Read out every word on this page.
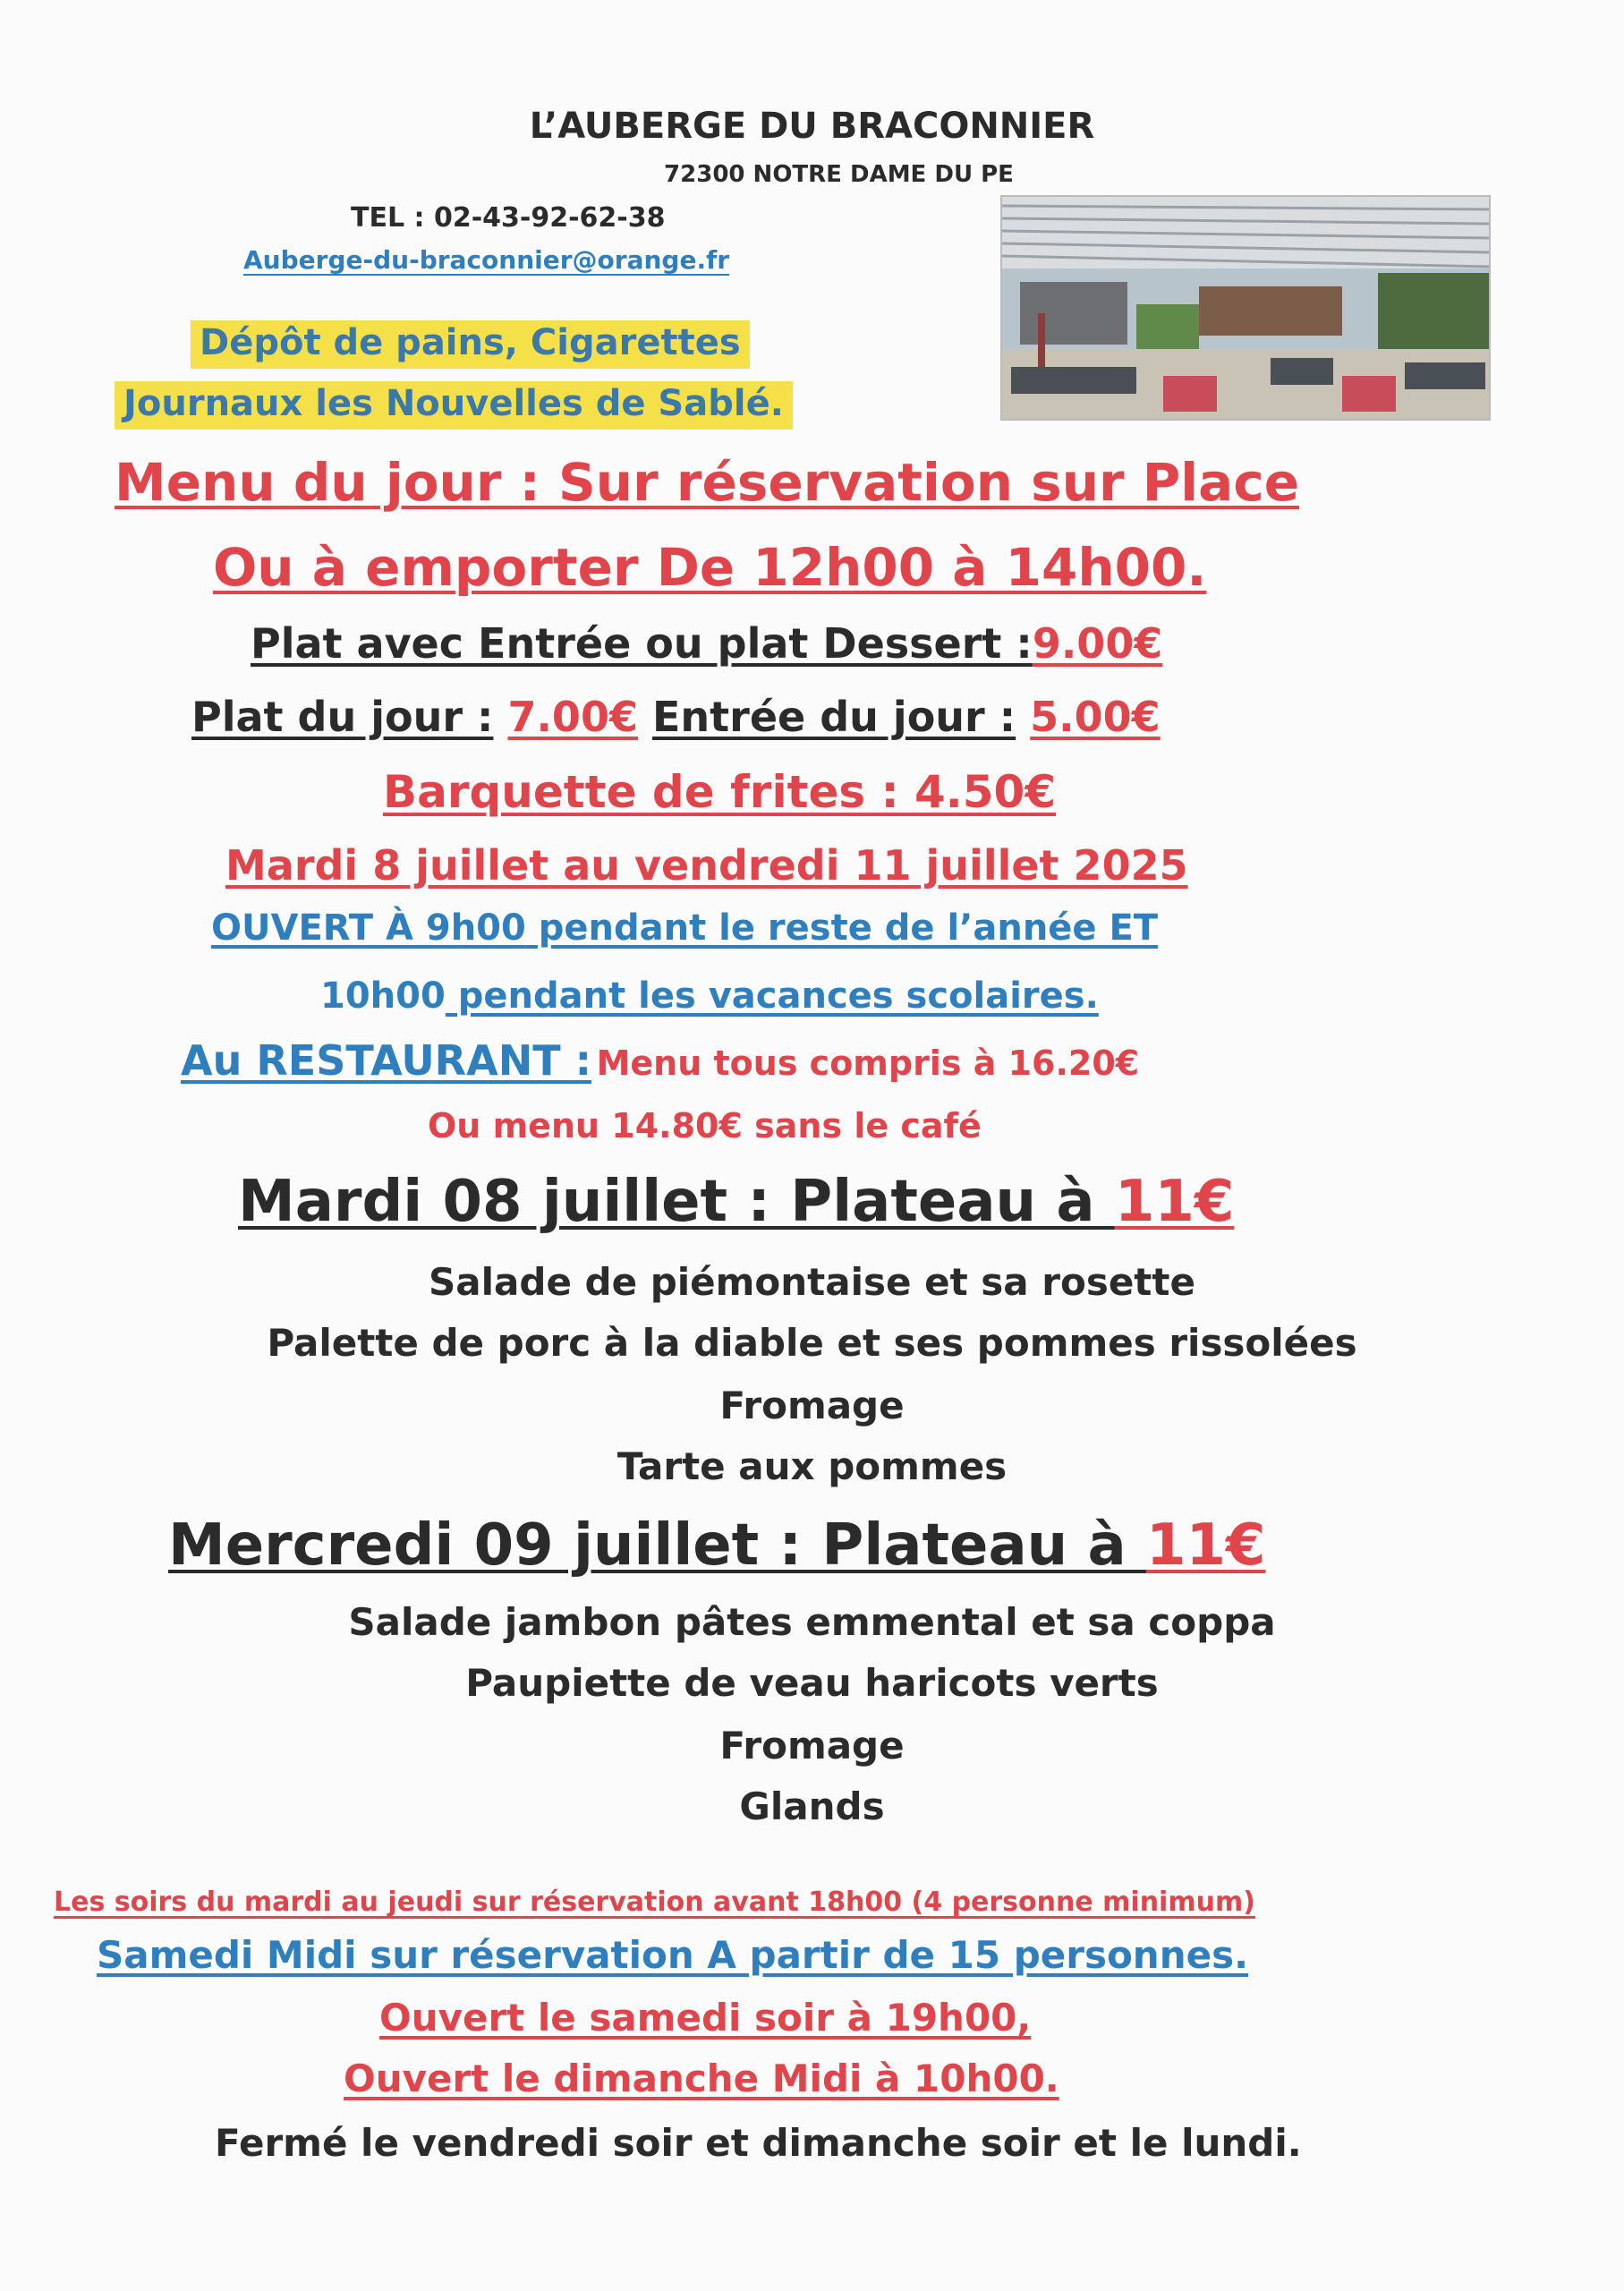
L’AUBERGE DU BRACONNIER
72300 NOTRE DAME DU PE
TEL : 02-43-92-62-38
Auberge-du-braconnier@orange.fr
Dépôt de pains, Cigarettes
Journaux les Nouvelles de Sablé.
Menu du jour : Sur réservation sur Place
Ou à emporter De 12h00 à 14h00.
Plat avec Entrée ou plat Dessert :9.00€
Plat du jour : 7.00€ Entrée du jour : 5.00€
Barquette de frites : 4.50€
Mardi 8 juillet au vendredi 11 juillet 2025
OUVERT À 9h00 pendant le reste de l’année ET
10h00 pendant les vacances scolaires.
Au RESTAURANT : Menu tous compris à 16.20€
Ou menu 14.80€ sans le café
Mardi 08 juillet : Plateau à 11€
Salade de piémontaise et sa rosette
Palette de porc à la diable et ses pommes rissolées
Fromage
Tarte aux pommes
Mercredi 09 juillet : Plateau à 11€
Salade jambon pâtes emmental et sa coppa
Paupiette de veau haricots verts
Fromage
Glands
Les soirs du mardi au jeudi sur réservation avant 18h00 (4 personne minimum)
Samedi Midi sur réservation A partir de 15 personnes.
Ouvert le samedi soir à 19h00,
Ouvert le dimanche Midi à 10h00.
Fermé le vendredi soir et dimanche soir et le lundi.
